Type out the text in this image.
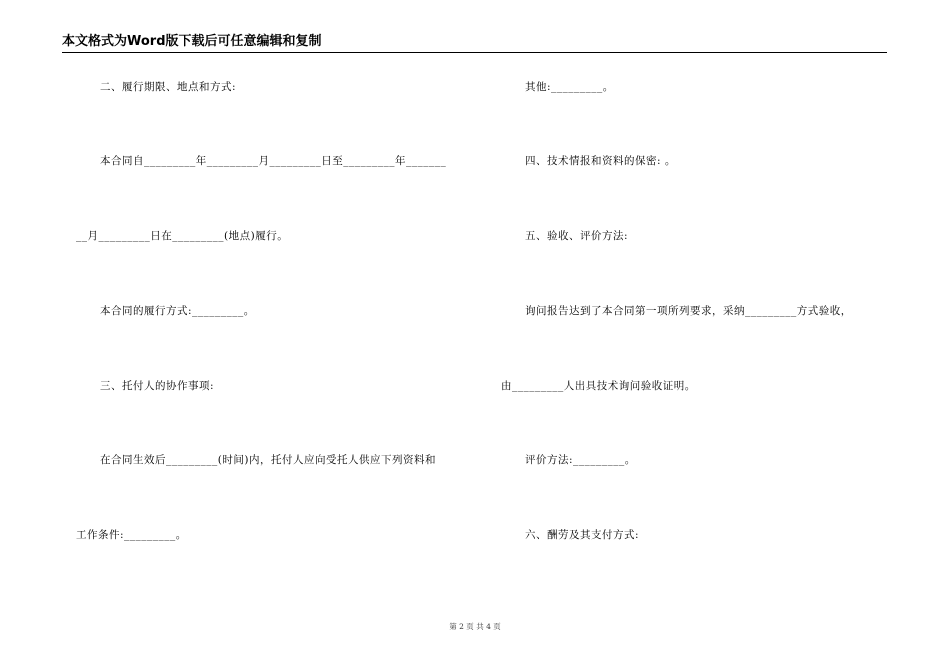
本文格式为Word版下载后可任意编辑和复制
二、履行期限、地点和方式:
本合同自_________年_________月_________日至_________年_______
__月_________日在_________(地点)履行。
本合同的履行方式:_________。
三、托付人的协作事项:
在合同生效后_________(时间)内，托付人应向受托人供应下列资料和
工作条件:_________。
其他:_________。
四、技术情报和资料的保密: 。
五、验收、评价方法:
询问报告达到了本合同第一项所列要求，采纳_________方式验收，
由_________人出具技术询问验收证明。
评价方法:_________。
六、酬劳及其支付方式:
第 2 页 共 4 页
